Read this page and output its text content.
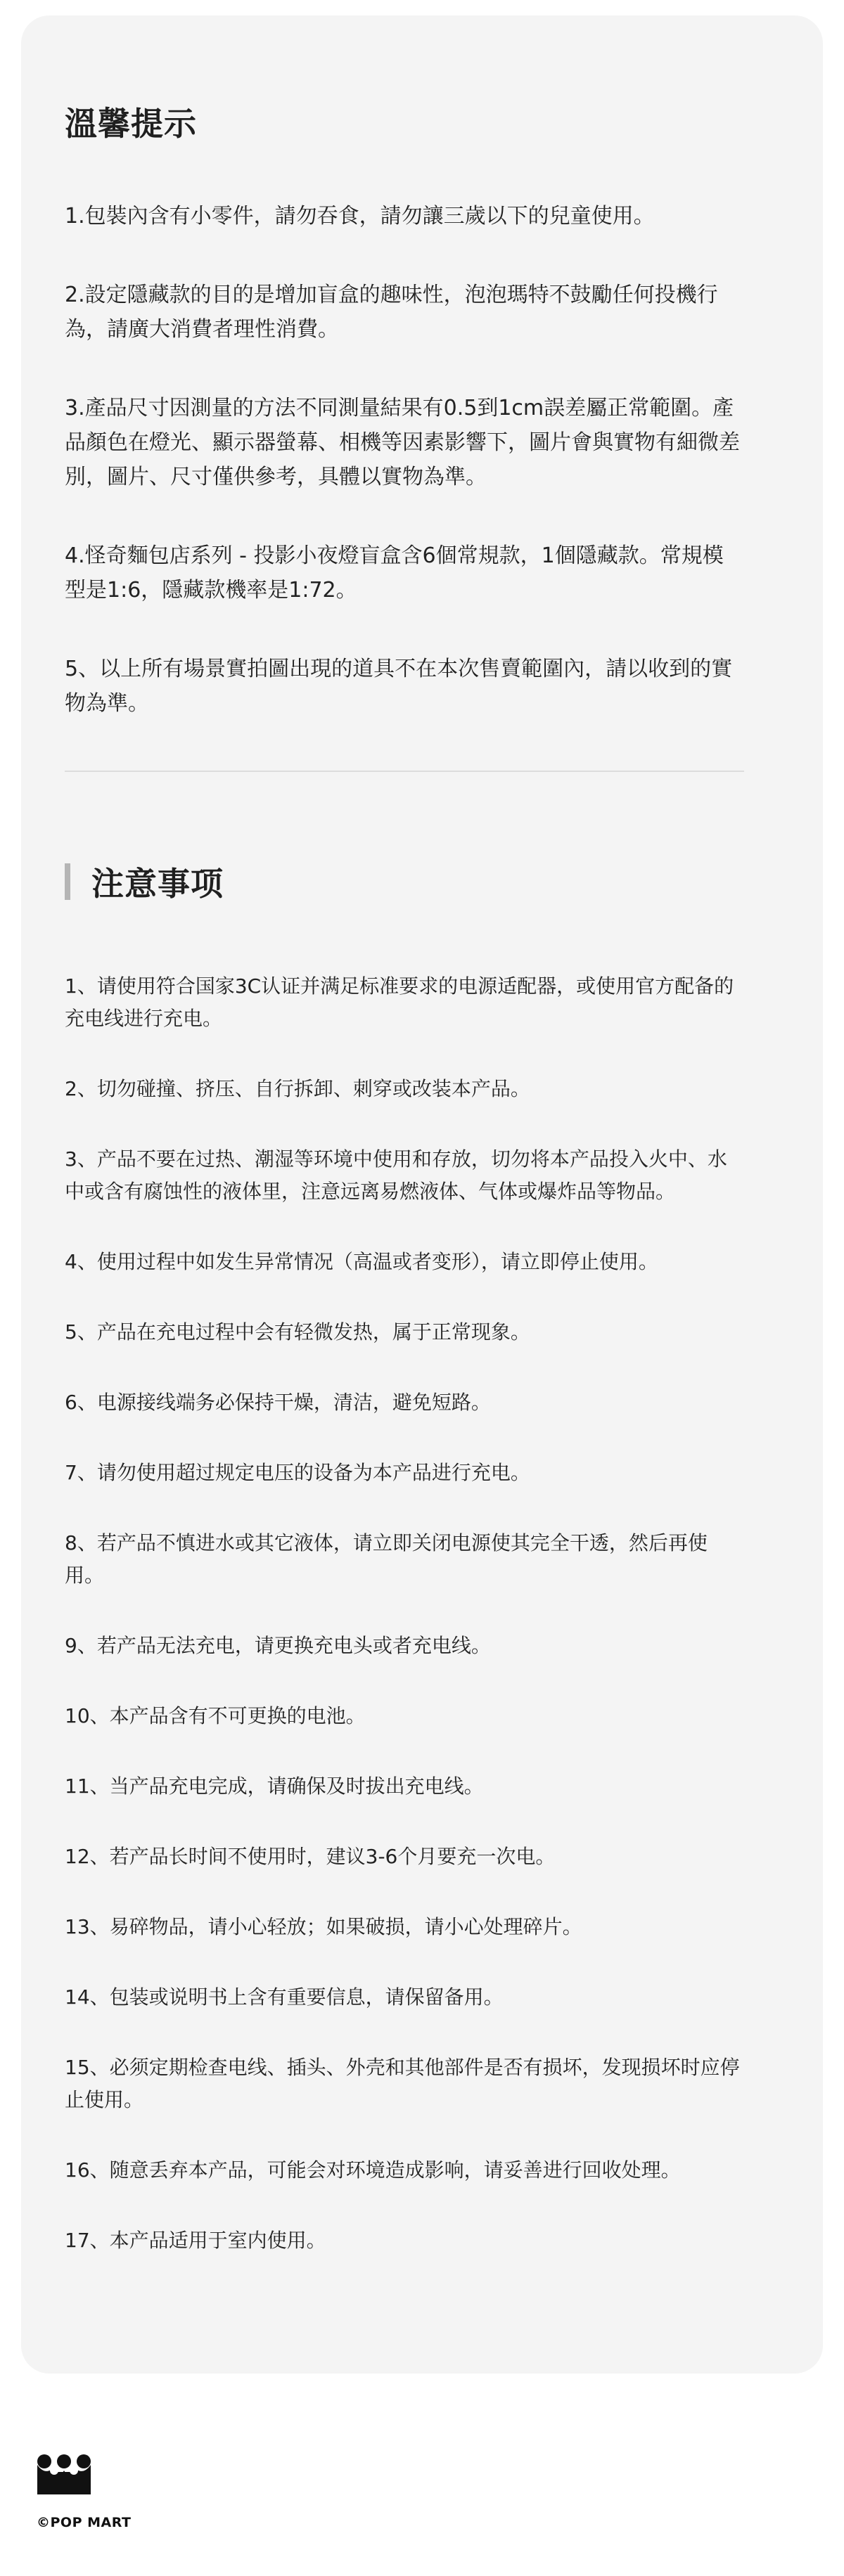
溫馨提示
1.包裝內含有小零件，請勿吞食，請勿讓三歲以下的兒童使用。
2.設定隱藏款的目的是增加盲盒的趣味性，泡泡瑪特不鼓勵任何投機行為，請廣大消費者理性消費。
3.產品尺寸因測量的方法不同測量結果有0.5到1cm誤差屬正常範圍。產品顏色在燈光、顯示器螢幕、相機等因素影響下，圖片會與實物有細微差別，圖片、尺寸僅供參考，具體以實物為準。
4.怪奇麵包店系列 - 投影小夜燈盲盒含6個常規款，1個隱藏款。常規模型是1:6，隱藏款機率是1:72。
5、以上所有場景實拍圖出現的道具不在本次售賣範圍內，請以收到的實物為準。
注意事项
1、请使用符合国家3C认证并满足标准要求的电源适配器，或使用官方配备的充电线进行充电。
2、切勿碰撞、挤压、自行拆卸、刺穿或改装本产品。
3、产品不要在过热、潮湿等环境中使用和存放，切勿将本产品投入火中、水中或含有腐蚀性的液体里，注意远离易燃液体、气体或爆炸品等物品。
4、使用过程中如发生异常情况（高温或者变形），请立即停止使用。
5、产品在充电过程中会有轻微发热，属于正常现象。
6、电源接线端务必保持干燥，清洁，避免短路。
7、请勿使用超过规定电压的设备为本产品进行充电。
8、若产品不慎进水或其它液体，请立即关闭电源使其完全干透，然后再使用。
9、若产品无法充电，请更换充电头或者充电线。
10、本产品含有不可更换的电池。
11、当产品充电完成，请确保及时拔出充电线。
12、若产品长时间不使用时，建议3-6个月要充一次电。
13、易碎物品，请小心轻放；如果破损，请小心处理碎片。
14、包装或说明书上含有重要信息，请保留备用。
15、必须定期检查电线、插头、外壳和其他部件是否有损坏，发现损坏时应停止使用。
16、随意丢弃本产品，可能会对环境造成影响，请妥善进行回收处理。
17、本产品适用于室内使用。
©POP MART
